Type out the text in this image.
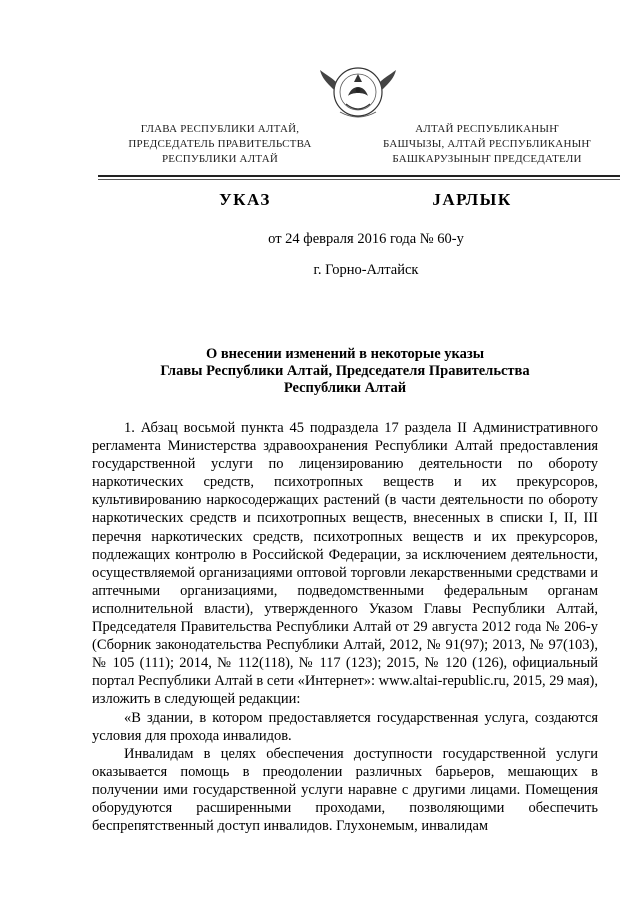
ГЛАВА РЕСПУБЛИКИ АЛТАЙ,
ПРЕДСЕДАТЕЛЬ ПРАВИТЕЛЬСТВА
РЕСПУБЛИКИ АЛТАЙ
АЛТАЙ РЕСПУБЛИКАНЫҤ
БАШЧЫЗЫ, АЛТАЙ РЕСПУБЛИКАНЫҤ
БАШКАРУЗЫНЫҤ ПРЕДСЕДАТЕЛИ
УКАЗ	ЈАРЛЫК
от 24 февраля 2016 года № 60-у
г. Горно-Алтайск
О внесении изменений в некоторые указы
Главы Республики Алтай, Председателя Правительства
Республики Алтай

1. Абзац восьмой пункта 45 подраздела 17 раздела II Административного регламента Министерства здравоохранения Республики Алтай предоставления государственной услуги по лицензированию деятельности по обороту наркотических средств, психотропных веществ и их прекурсоров, культивированию наркосодержащих растений (в части деятельности по обороту наркотических средств и психотропных веществ, внесенных в списки I, II, III перечня наркотических средств, психотропных веществ и их прекурсоров, подлежащих контролю в Российской Федерации, за исключением деятельности, осуществляемой организациями оптовой торговли лекарственными средствами и аптечными организациями, подведомственными федеральным органам исполнительной власти), утвержденного Указом Главы Республики Алтай, Председателя Правительства Республики Алтай от 29 августа 2012 года № 206-у (Сборник законодательства Республики Алтай, 2012, № 91(97); 2013, № 97(103), № 105 (111); 2014, № 112(118), № 117 (123); 2015, № 120 (126), официальный портал Республики Алтай в сети «Интернет»: www.altai-republic.ru, 2015, 29 мая), изложить в следующей редакции:

«В здании, в котором предоставляется государственная услуга, создаются условия для прохода инвалидов.

Инвалидам в целях обеспечения доступности государственной услуги оказывается помощь в преодолении различных барьеров, мешающих в получении ими государственной услуги наравне с другими лицами. Помещения оборудуются расширенными проходами, позволяющими обеспечить беспрепятственный доступ инвалидов. Глухонемым, инвалидам
